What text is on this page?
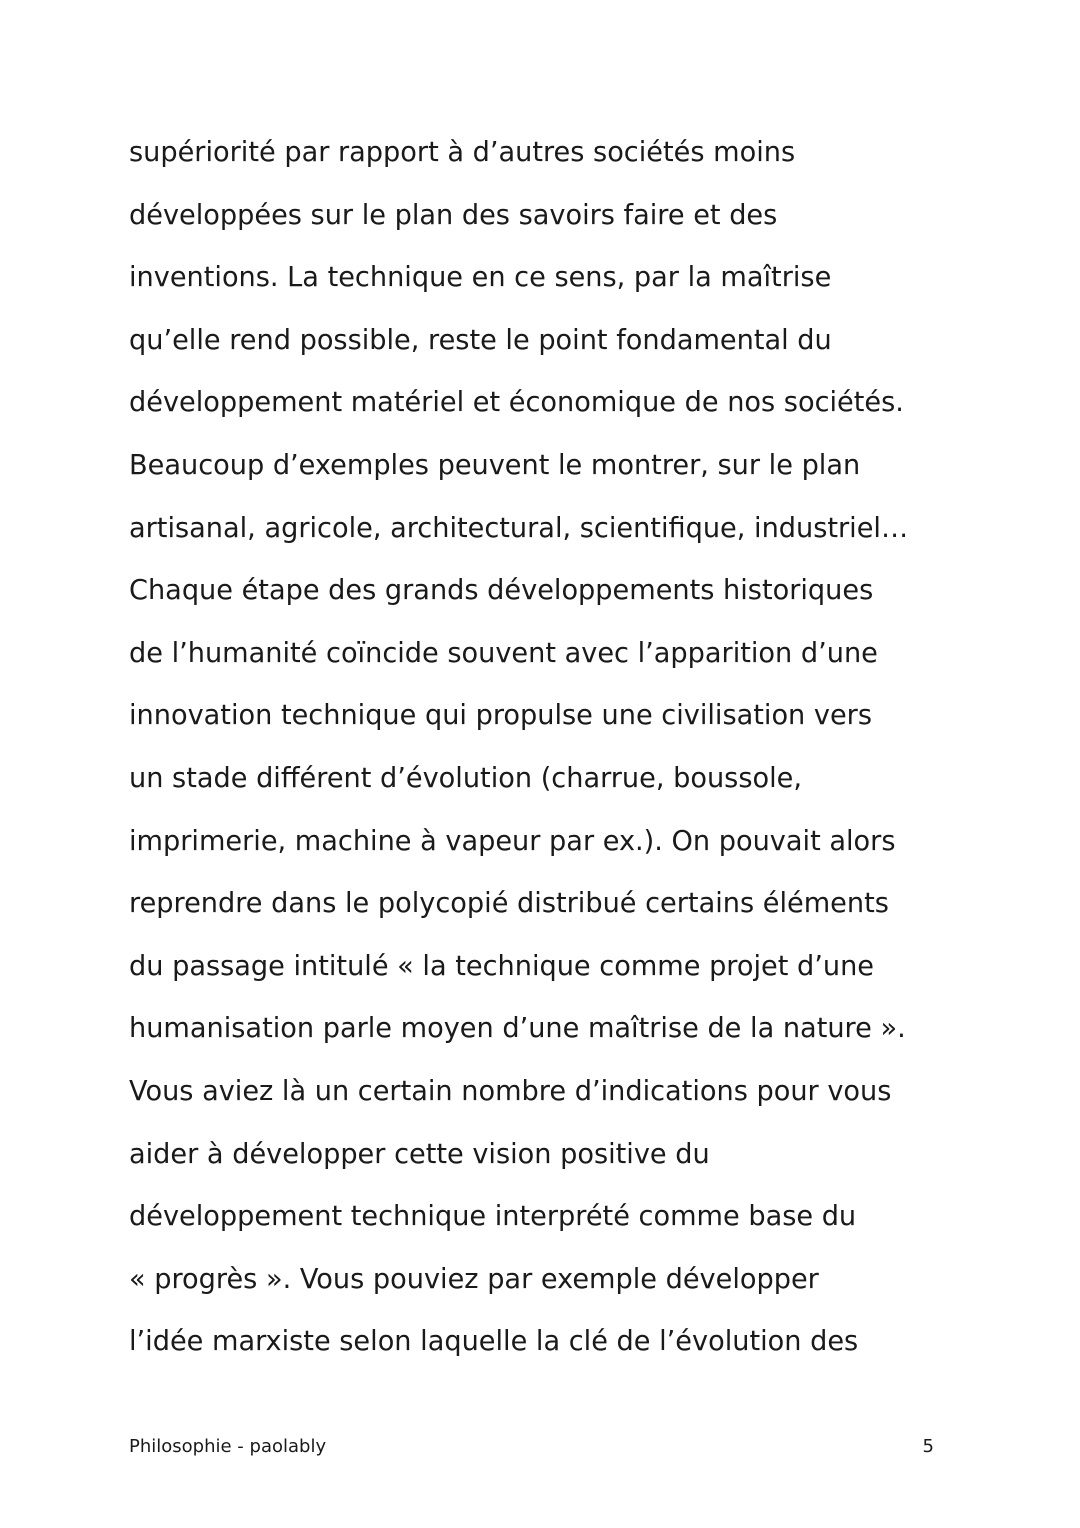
supériorité par rapport à d’autres sociétés moins
développées sur le plan des savoirs faire et des
inventions. La technique en ce sens, par la maîtrise
qu’elle rend possible, reste le point fondamental du
développement matériel et économique de nos sociétés.
Beaucoup d’exemples peuvent le montrer, sur le plan
artisanal, agricole, architectural, scientifique, industriel…
Chaque étape des grands développements historiques
de l’humanité coïncide souvent avec l’apparition d’une
innovation technique qui propulse une civilisation vers
un stade différent d’évolution (charrue, boussole,
imprimerie, machine à vapeur par ex.). On pouvait alors
reprendre dans le polycopié distribué certains éléments
du passage intitulé « la technique comme projet d’une
humanisation parle moyen d’une maîtrise de la nature ».
Vous aviez là un certain nombre d’indications pour vous
aider à développer cette vision positive du
développement technique interprété comme base du
« progrès ». Vous pouviez par exemple développer
l’idée marxiste selon laquelle la clé de l’évolution des
Philosophie - paolably	5
